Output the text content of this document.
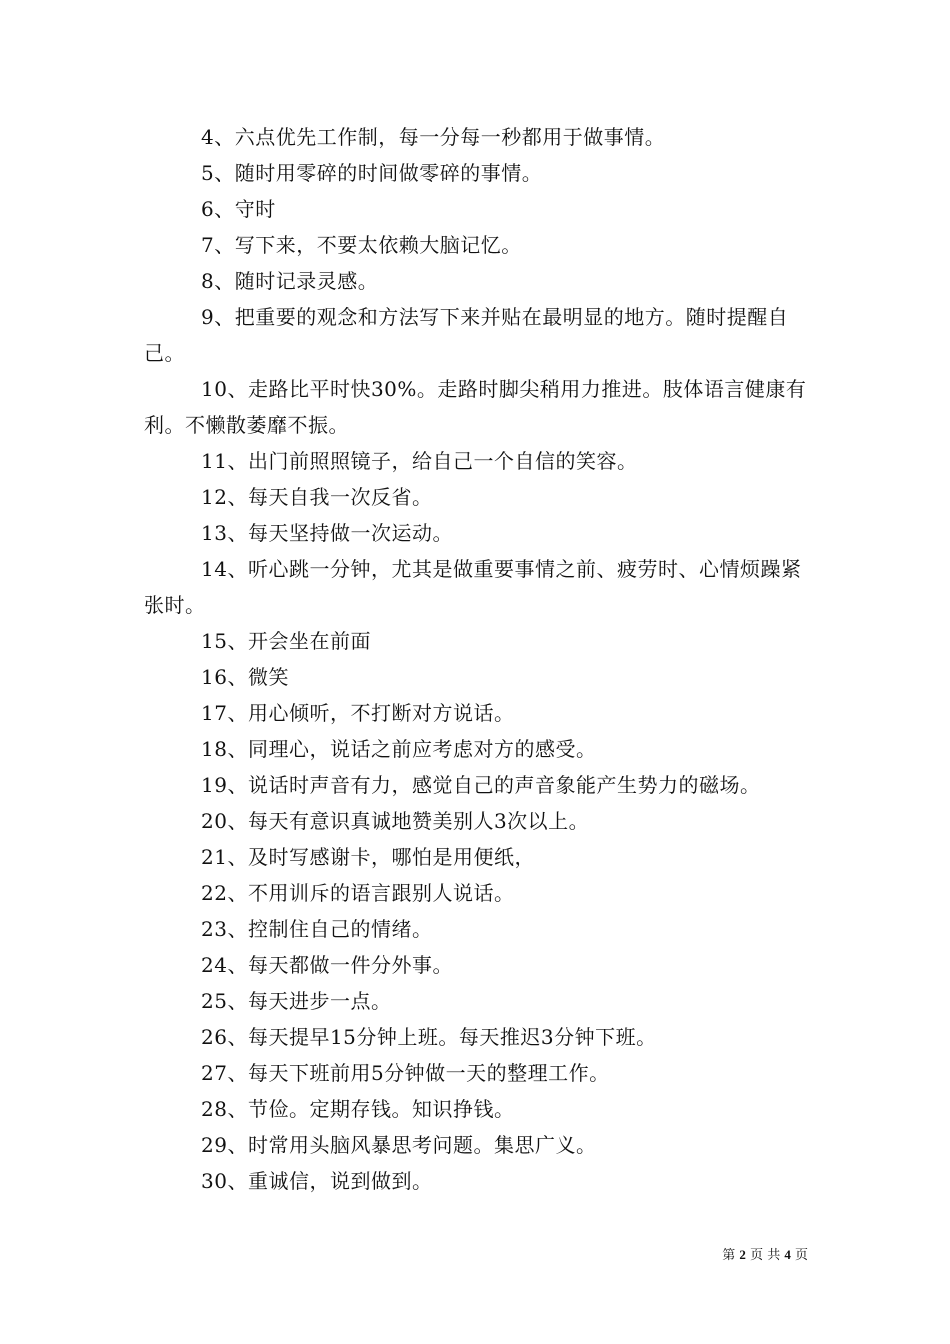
4、六点优先工作制，每一分每一秒都用于做事情。

5、随时用零碎的时间做零碎的事情。

6、守时

7、写下来，不要太依赖大脑记忆。

8、随时记录灵感。

9、把重要的观念和方法写下来并贴在最明显的地方。随时提醒自己。

10、走路比平时快30%。走路时脚尖稍用力推进。肢体语言健康有利。不懒散萎靡不振。

11、出门前照照镜子，给自己一个自信的笑容。

12、每天自我一次反省。

13、每天坚持做一次运动。

14、听心跳一分钟，尤其是做重要事情之前、疲劳时、心情烦躁紧张时。

15、开会坐在前面

16、微笑

17、用心倾听，不打断对方说话。

18、同理心，说话之前应考虑对方的感受。

19、说话时声音有力，感觉自己的声音象能产生势力的磁场。

20、每天有意识真诚地赞美别人3次以上。

21、及时写感谢卡，哪怕是用便纸，

22、不用训斥的语言跟别人说话。

23、控制住自己的情绪。

24、每天都做一件分外事。

25、每天进步一点。

26、每天提早15分钟上班。每天推迟3分钟下班。

27、每天下班前用5分钟做一天的整理工作。

28、节俭。定期存钱。知识挣钱。

29、时常用头脑风暴思考问题。集思广义。

30、重诚信，说到做到。

第 2 页 共 4 页
